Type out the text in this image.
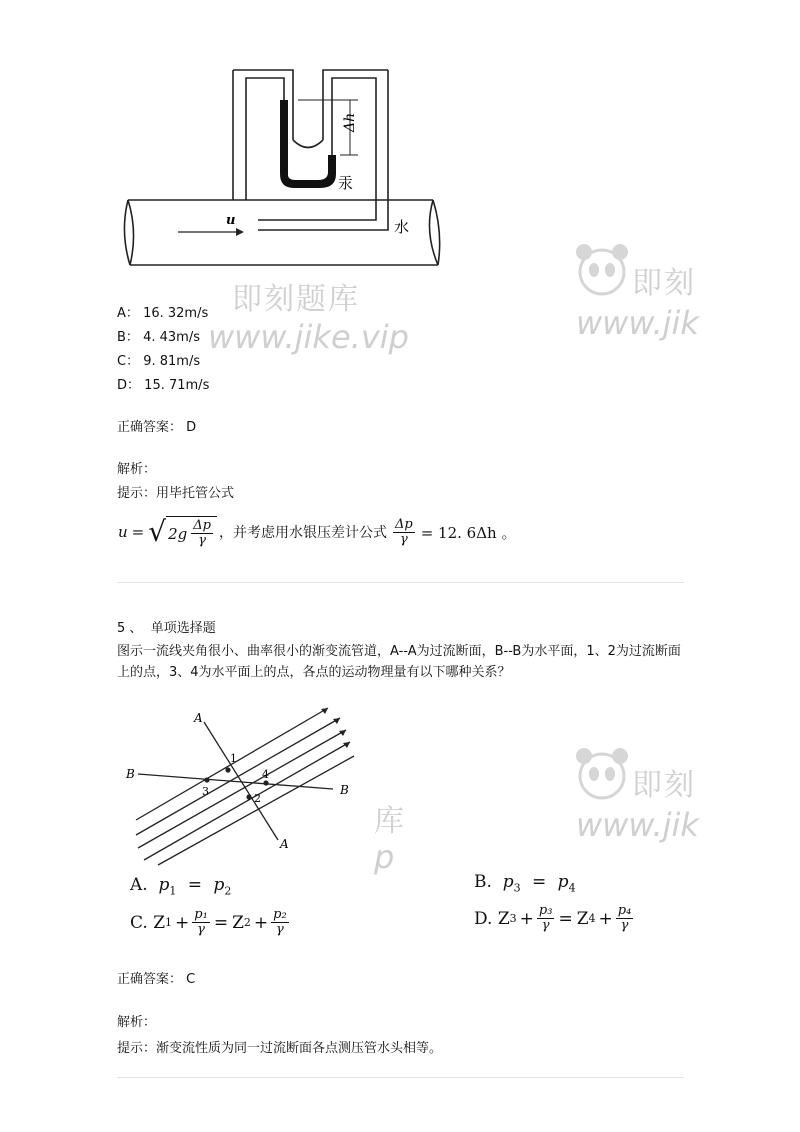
Δh
汞
水
u
即刻题库
www.jike.vip
即刻
www.jik
A： 16. 32m/s
B： 4. 43m/s
C： 9. 81m/s
D： 15. 71m/s
正确答案： D
解析：
提示：用毕托管公式
u = √ $2g \frac{\Delta p}{\gamma}$ ，并考虑用水银压差计公式 $\frac{\Delta p}{\gamma} = 12$. 6Δh 。
5 、 单项选择题
图示一流线夹角很小、曲率很小的渐变流管道，A--A为过流断面，B--B为水平面，1、2为过流断面上的点，3、4为水平面上的点，各点的运动物理量有以下哪种关系？
A
A
B
B
1
2
3
4
库
p
即刻
www.jik
A. $p_1 = p_2$	B. $p_3 = p_4$
C.
Z $1 + \frac{\text{p₁}}{\gamma} = Z$ $2 + \frac{\text{p₂}}{\gamma}$	D.
Z $3 + \frac{\text{p₃}}{\gamma} = Z$ $4 + \frac{\text{p₄}}{\gamma}$
正确答案： C
解析：
提示：渐变流性质为同一过流断面各点测压管水头相等。
